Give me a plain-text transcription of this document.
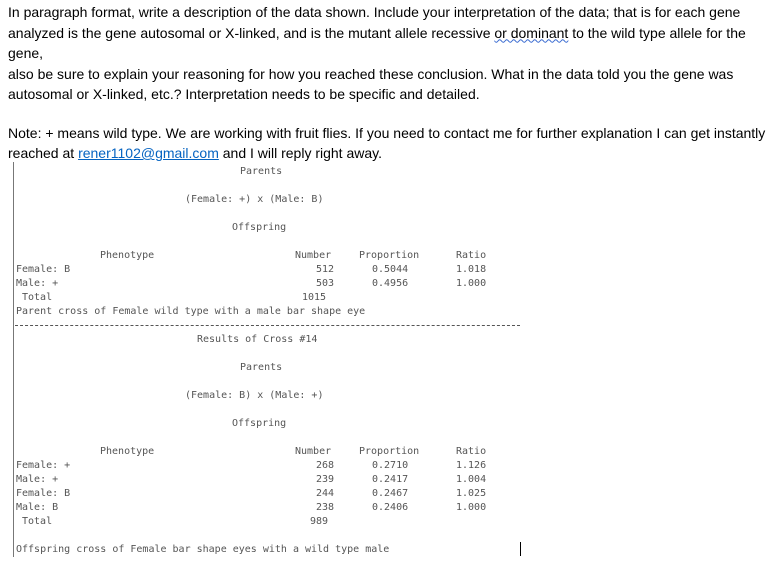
In paragraph format, write a description of the data shown. Include your interpretation of the data; that is for each gene

analyzed is the gene autosomal or X-linked, and is the mutant allele recessive or dominant to the wild type allele for the gene,

also be sure to explain your reasoning for how you reached these conclusion. What in the data told you the gene was

autosomal or X-linked, etc.? Interpretation needs to be specific and detailed.

Note: + means wild type. We are working with fruit flies. If you need to contact me for further explanation I can get instantly

reached at rener1102@gmail.com and I will reply right away.

Parents
(Female: +) x (Male: B)
Offspring
Phenotype	Number	Proportion	Ratio
Female: B	512	0.5044	1.018
Male: +	503	0.4956	1.000
Total	1015
Parent cross of Female wild type with a male bar shape eye
Results of Cross #14
Parents
(Female: B) x (Male: +)
Offspring
Phenotype	Number	Proportion	Ratio
Female: +	268	0.2710	1.126
Male: +	239	0.2417	1.004
Female: B	244	0.2467	1.025
Male: B	238	0.2406	1.000
Total	989
Offspring cross of Female bar shape eyes with a wild type male
